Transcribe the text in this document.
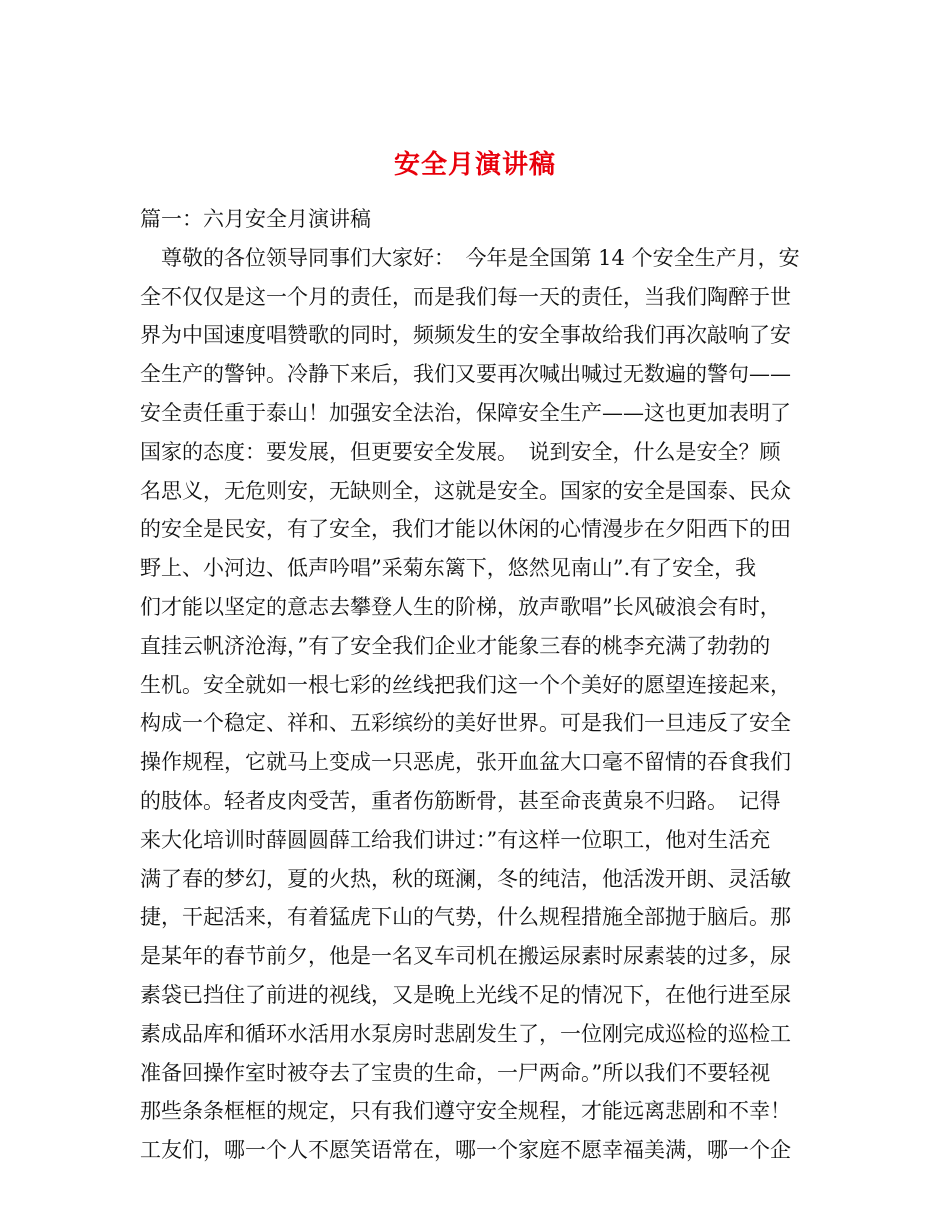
安全月演讲稿
篇一：六月安全月演讲稿
　尊敬的各位领导同事们大家好：　今年是全国第 14 个安全生产月，安
全不仅仅是这一个月的责任，而是我们每一天的责任，当我们陶醉于世
界为中国速度唱赞歌的同时，频频发生的安全事故给我们再次敲响了安
全生产的警钟。冷静下来后，我们又要再次喊出喊过无数遍的警句——
安全责任重于泰山！加强安全法治，保障安全生产——这也更加表明了
国家的态度：要发展，但更要安全发展。　说到安全，什么是安全？顾
名思义，无危则安，无缺则全，这就是安全。国家的安全是国泰、民众
的安全是民安，有了安全，我们才能以休闲的心情漫步在夕阳西下的田
野上、小河边、低声吟唱”采菊东篱下，悠然见南山”.有了安全，我
们才能以坚定的意志去攀登人生的阶梯，放声歌唱”长风破浪会有时，
直挂云帆济沧海，”有了安全我们企业才能象三春的桃李充满了勃勃的
生机。安全就如一根七彩的丝线把我们这一个个美好的愿望连接起来，
构成一个稳定、祥和、五彩缤纷的美好世界。可是我们一旦违反了安全
操作规程，它就马上变成一只恶虎，张开血盆大口毫不留情的吞食我们
的肢体。轻者皮肉受苦，重者伤筋断骨，甚至命丧黄泉不归路。　记得
来大化培训时薛圆圆薛工给我们讲过：”有这样一位职工，他对生活充
满了春的梦幻，夏的火热，秋的斑澜，冬的纯洁，他活泼开朗、灵活敏
捷，干起活来，有着猛虎下山的气势，什么规程措施全部抛于脑后。那
是某年的春节前夕，他是一名叉车司机在搬运尿素时尿素装的过多，尿
素袋已挡住了前进的视线，又是晚上光线不足的情况下，在他行进至尿
素成品库和循环水活用水泵房时悲剧发生了，一位刚完成巡检的巡检工
准备回操作室时被夺去了宝贵的生命，一尸两命。”所以我们不要轻视
那些条条框框的规定，只有我们遵守安全规程，才能远离悲剧和不幸！
工友们，哪一个人不愿笑语常在，哪一个家庭不愿幸福美满，哪一个企
